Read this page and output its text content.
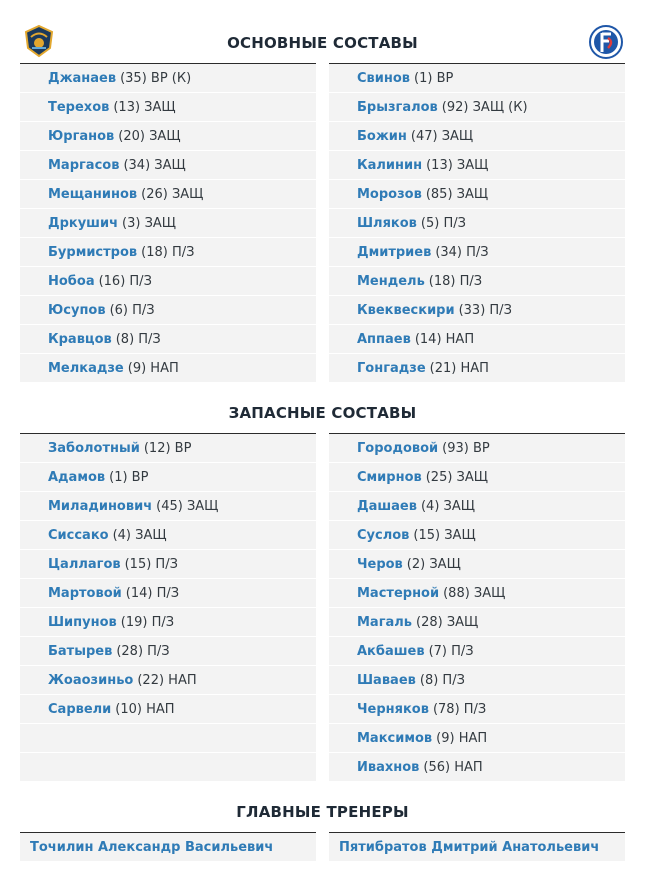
ОСНОВНЫЕ СОСТАВЫ
Джанаев (35) ВР (К)
Терехов (13) ЗАЩ
Юрганов (20) ЗАЩ
Маргасов (34) ЗАЩ
Мещанинов (26) ЗАЩ
Дркушич (3) ЗАЩ
Бурмистров (18) П/З
Нобоа (16) П/З
Юсупов (6) П/З
Кравцов (8) П/З
Мелкадзе (9) НАП
Свинов (1) ВР
Брызгалов (92) ЗАЩ (К)
Божин (47) ЗАЩ
Калинин (13) ЗАЩ
Морозов (85) ЗАЩ
Шляков (5) П/З
Дмитриев (34) П/З
Мендель (18) П/З
Квеквескири (33) П/З
Аппаев (14) НАП
Гонгадзе (21) НАП
ЗАПАСНЫЕ СОСТАВЫ
Заболотный (12) ВР
Адамов (1) ВР
Миладинович (45) ЗАЩ
Сиссако (4) ЗАЩ
Цаллагов (15) П/З
Мартовой (14) П/З
Шипунов (19) П/З
Батырев (28) П/З
Жоаозиньо (22) НАП
Сарвели (10) НАП
Городовой (93) ВР
Смирнов (25) ЗАЩ
Дашаев (4) ЗАЩ
Суслов (15) ЗАЩ
Черов (2) ЗАЩ
Мастерной (88) ЗАЩ
Магаль (28) ЗАЩ
Акбашев (7) П/З
Шаваев (8) П/З
Черняков (78) П/З
Максимов (9) НАП
Ивахнов (56) НАП
ГЛАВНЫЕ ТРЕНЕРЫ
Точилин Александр Васильевич	Пятибратов Дмитрий Анатольевич
